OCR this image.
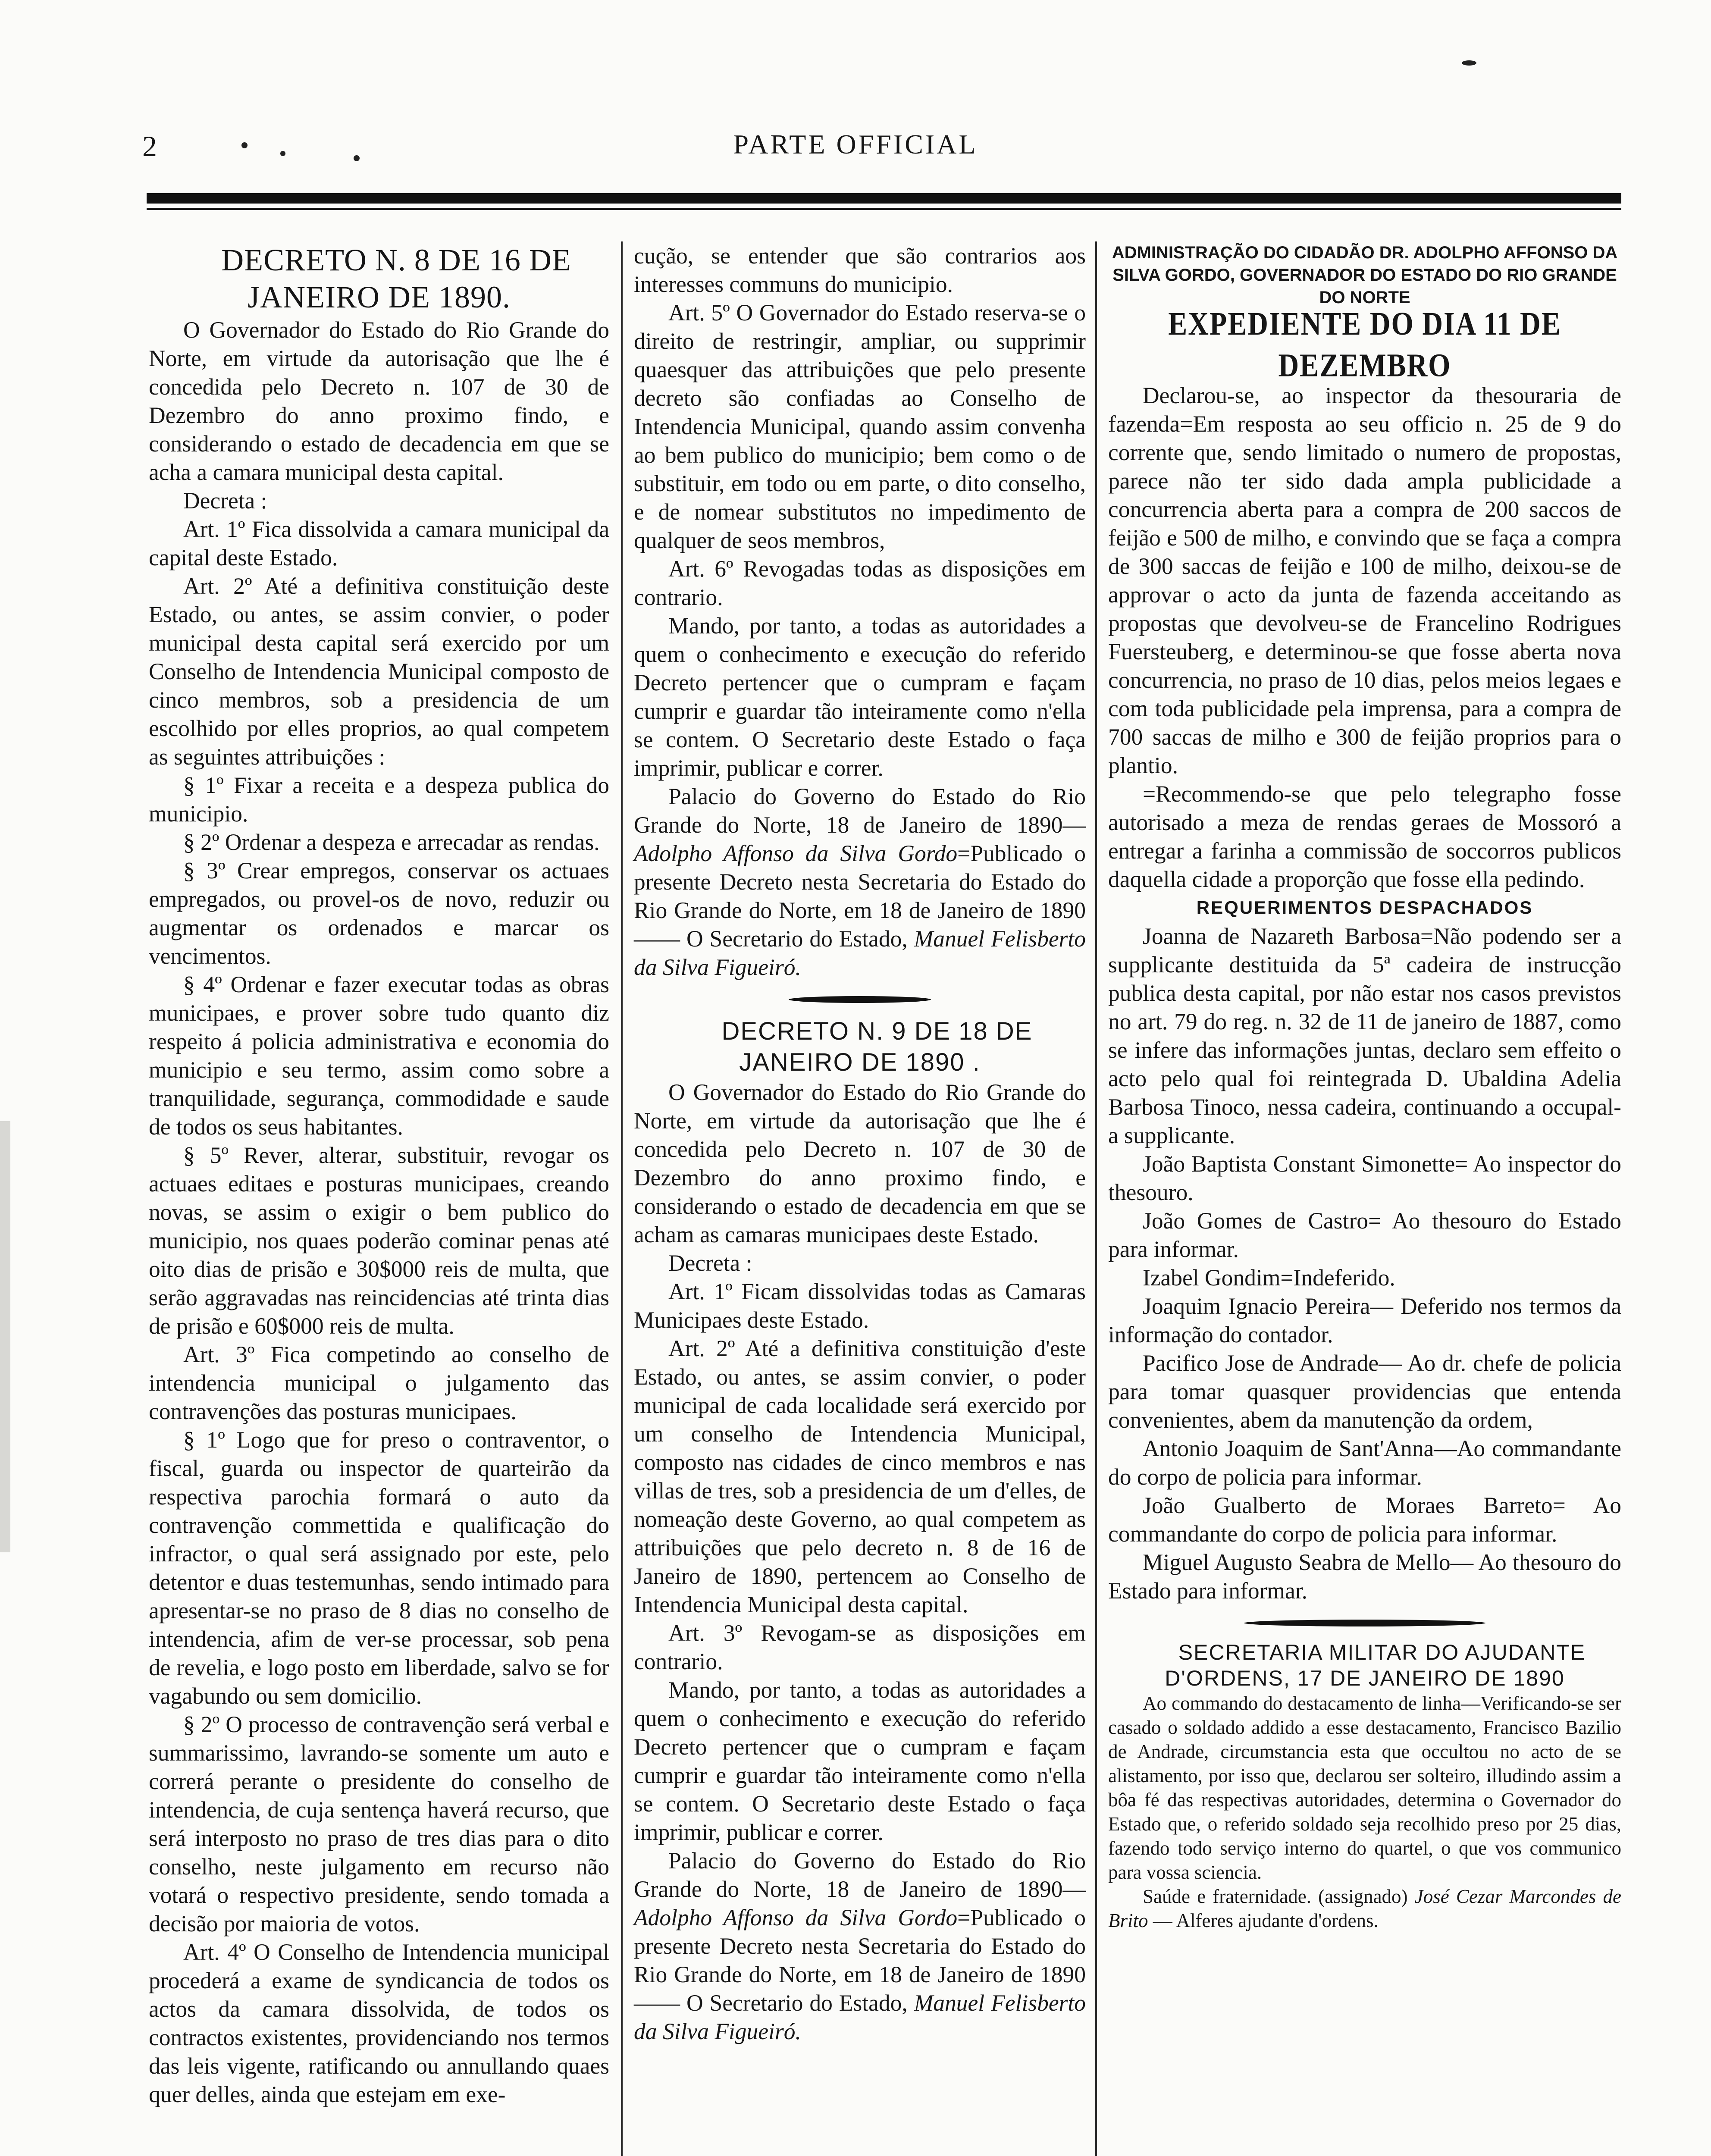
2	PARTE OFFICIAL

DECRETO N. 8 DE 16 DE JANEIRO DE 1890.

O Governador do Estado do Rio Grande do Norte, em virtude da autorisação que lhe é concedida pelo Decreto n. 107 de 30 de Dezembro do anno proximo findo, e considerando o estado de decadencia em que se acha a camara municipal desta capital.

Decreta :

Art. 1º Fica dissolvida a camara municipal da capital deste Estado.

Art. 2º Até a definitiva constituição deste Estado, ou antes, se assim convier, o poder municipal desta capital será exercido por um Conselho de Intendencia Municipal composto de cinco membros, sob a presidencia de um escolhido por elles proprios, ao qual competem as seguintes attribuições :

§ 1º Fixar a receita e a despeza publica do municipio.

§ 2º Ordenar a despeza e arrecadar as rendas.

§ 3º Crear empregos, conservar os actuaes empregados, ou provel-os de novo, reduzir ou augmentar os ordenados e marcar os vencimentos.

§ 4º Ordenar e fazer executar todas as obras municipaes, e prover sobre tudo quanto diz respeito á policia administrativa e economia do municipio e seu termo, assim como sobre a tranquilidade, segurança, commodidade e saude de todos os seus habitantes.

§ 5º Rever, alterar, substituir, revogar os actuaes editaes e posturas municipaes, creando novas, se assim o exigir o bem publico do municipio, nos quaes poderão cominar penas até oito dias de prisão e 30$000 reis de multa, que serão aggravadas nas reincidencias até trinta dias de prisão e 60$000 reis de multa.

Art. 3º Fica competindo ao conselho de intendencia municipal o julgamento das contravenções das posturas municipaes.

§ 1º Logo que for preso o contraventor, o fiscal, guarda ou inspector de quarteirão da respectiva parochia formará o auto da contravenção commettida e qualificação do infractor, o qual será assignado por este, pelo detentor e duas testemunhas, sendo intimado para apresentar-se no praso de 8 dias no conselho de intendencia, afim de ver-se processar, sob pena de revelia, e logo posto em liberdade, salvo se for vagabundo ou sem domicilio.

§ 2º O processo de contravenção será verbal e summarissimo, lavrando-se somente um auto e correrá perante o presidente do conselho de intendencia, de cuja sentença haverá recurso, que será interposto no praso de tres dias para o dito conselho, neste julgamento em recurso não votará o respectivo presidente, sendo tomada a decisão por maioria de votos.

Art. 4º O Conselho de Intendencia municipal procederá a exame de syndicancia de todos os actos da camara dissolvida, de todos os contractos existentes, providenciando nos termos das leis vigente, ratificando ou annullando quaes quer delles, ainda que estejam em exe-

cução, se entender que são contrarios aos interesses communs do municipio.

Art. 5º O Governador do Estado reserva-se o direito de restringir, ampliar, ou supprimir quaesquer das attribuições que pelo presente decreto são confiadas ao Conselho de Intendencia Municipal, quando assim convenha ao bem publico do municipio; bem como o de substituir, em todo ou em parte, o dito conselho, e de nomear substitutos no impedimento de qualquer de seos membros,

Art. 6º Revogadas todas as disposições em contrario.

Mando, por tanto, a todas as autoridades a quem o conhecimento e execução do referido Decreto pertencer que o cumpram e façam cumprir e guardar tão inteiramente como n'ella se contem. O Secretario deste Estado o faça imprimir, publicar e correr.

Palacio do Governo do Estado do Rio Grande do Norte, 18 de Janeiro de 1890—Adolpho Affonso da Silva Gordo=Publicado o presente Decreto nesta Secretaria do Estado do Rio Grande do Norte, em 18 de Janeiro de 1890—— O Secretario do Estado, Manuel Felisberto da Silva Figueiró.

DECRETO N. 9 DE 18 DE JANEIRO DE 1890 .

O Governador do Estado do Rio Grande do Norte, em virtude da autorisação que lhe é concedida pelo Decreto n. 107 de 30 de Dezembro do anno proximo findo, e considerando o estado de decadencia em que se acham as camaras municipaes deste Estado.

Decreta :

Art. 1º Ficam dissolvidas todas as Camaras Municipaes deste Estado.

Art. 2º Até a definitiva constituição d'este Estado, ou antes, se assim convier, o poder municipal de cada localidade será exercido por um conselho de Intendencia Municipal, composto nas cidades de cinco membros e nas villas de tres, sob a presidencia de um d'elles, de nomeação deste Governo, ao qual competem as attribuições que pelo decreto n. 8 de 16 de Janeiro de 1890, pertencem ao Conselho de Intendencia Municipal desta capital.

Art. 3º Revogam-se as disposições em contrario.

Mando, por tanto, a todas as autoridades a quem o conhecimento e execução do referido Decreto pertencer que o cumpram e façam cumprir e guardar tão inteiramente como n'ella se contem. O Secretario deste Estado o faça imprimir, publicar e correr.

Palacio do Governo do Estado do Rio Grande do Norte, 18 de Janeiro de 1890—Adolpho Affonso da Silva Gordo=Publicado o presente Decreto nesta Secretaria do Estado do Rio Grande do Norte, em 18 de Janeiro de 1890—— O Secretario do Estado, Manuel Felisberto da Silva Figueiró.

ADMINISTRAÇÃO DO CIDADÃO DR. ADOLPHO AFFONSO DA SILVA GORDO, GOVERNADOR DO ESTADO DO RIO GRANDE DO NORTE

EXPEDIENTE DO DIA 11 DE DEZEMBRO

Declarou-se, ao inspector da thesouraria de fazenda=Em resposta ao seu officio n. 25 de 9 do corrente que, sendo limitado o numero de propostas, parece não ter sido dada ampla publicidade a concurrencia aberta para a compra de 200 saccos de feijão e 500 de milho, e convindo que se faça a compra de 300 saccas de feijão e 100 de milho, deixou-se de approvar o acto da junta de fazenda acceitando as propostas que devolveu-se de Francelino Rodrigues Fuersteuberg, e determinou-se que fosse aberta nova concurrencia, no praso de 10 dias, pelos meios legaes e com toda publicidade pela imprensa, para a compra de 700 saccas de milho e 300 de feijão proprios para o plantio.

=Recommendo-se que pelo telegrapho fosse autorisado a meza de rendas geraes de Mossoró a entregar a farinha a commissão de soccorros publicos daquella cidade a proporção que fosse ella pedindo.

REQUERIMENTOS DESPACHADOS

Joanna de Nazareth Barbosa=Não podendo ser a supplicante destituida da 5ª cadeira de instrucção publica desta capital, por não estar nos casos previstos no art. 79 do reg. n. 32 de 11 de janeiro de 1887, como se infere das informações juntas, declaro sem effeito o acto pelo qual foi reintegrada D. Ubaldina Adelia Barbosa Tinoco, nessa cadeira, continuando a occupal-a supplicante.

João Baptista Constant Simonette= Ao inspector do thesouro.

João Gomes de Castro= Ao thesouro do Estado para informar.

Izabel Gondim=Indeferido.

Joaquim Ignacio Pereira— Deferido nos termos da informação do contador.

Pacifico Jose de Andrade— Ao dr. chefe de policia para tomar quasquer providencias que entenda convenientes, abem da manutenção da ordem,

Antonio Joaquim de Sant'Anna—Ao commandante do corpo de policia para informar.

João Gualberto de Moraes Barreto= Ao commandante do corpo de policia para informar.

Miguel Augusto Seabra de Mello— Ao thesouro do Estado para informar.

SECRETARIA MILITAR DO AJUDANTE D'ORDENS, 17 DE JANEIRO DE 1890

Ao commando do destacamento de linha—Verificando-se ser casado o soldado addido a esse destacamento, Francisco Bazilio de Andrade, circumstancia esta que occultou no acto de se alistamento, por isso que, declarou ser solteiro, illudindo assim a bôa fé das respectivas autoridades, determina o Governador do Estado que, o referido soldado seja recolhido preso por 25 dias, fazendo todo serviço interno do quartel, o que vos communico para vossa sciencia.

Saúde e fraternidade. (assignado) José Cezar Marcondes de Brito — Alferes ajudante d'ordens.
